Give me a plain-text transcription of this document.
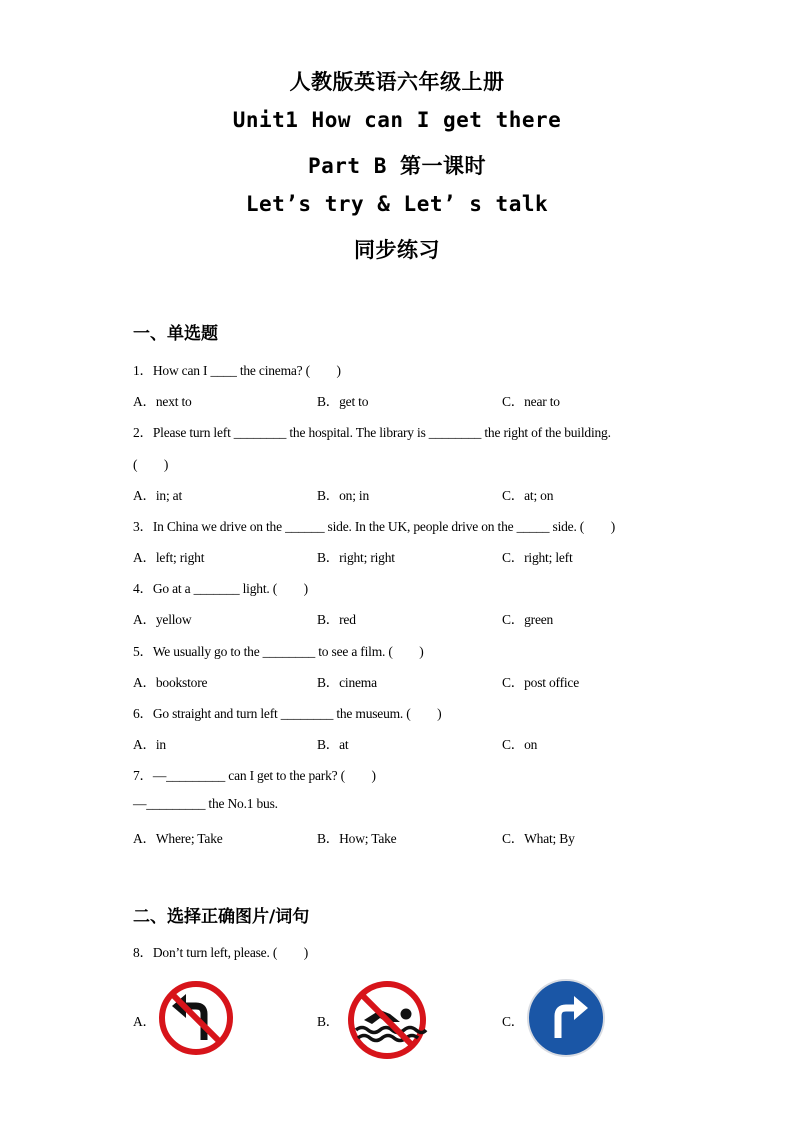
人教版英语六年级上册
Unit1 How can I get there
Part B 第一课时
Let’s try & Let’ s talk
同步练习
一、单选题
1．How can I ____ the cinema? (　　)
A．next to	B．get to	C．near to
2．Please turn left ________ the hospital. The library is ________ the right of the building.
(　　)
A．in; at	B．on; in	C．at; on
3．In China we drive on the ______ side. In the UK, people drive on the _____ side. (　　)
A．left; right	B．right; right	C．right; left
4．Go at a _______ light. (　　)
A．yellow	B．red	C．green
5．We usually go to the ________ to see a film. (　　)
A．bookstore	B．cinema	C．post office
6．Go straight and turn left ________ the museum. (　　)
A．in	B．at	C．on
7．—_________ can I get to the park? (　　)
—_________ the No.1 bus.
A．Where; Take	B．How; Take	C．What; By
二、选择正确图片/词句
8．Don’t turn left, please. (　　)
A．	B．	C．
